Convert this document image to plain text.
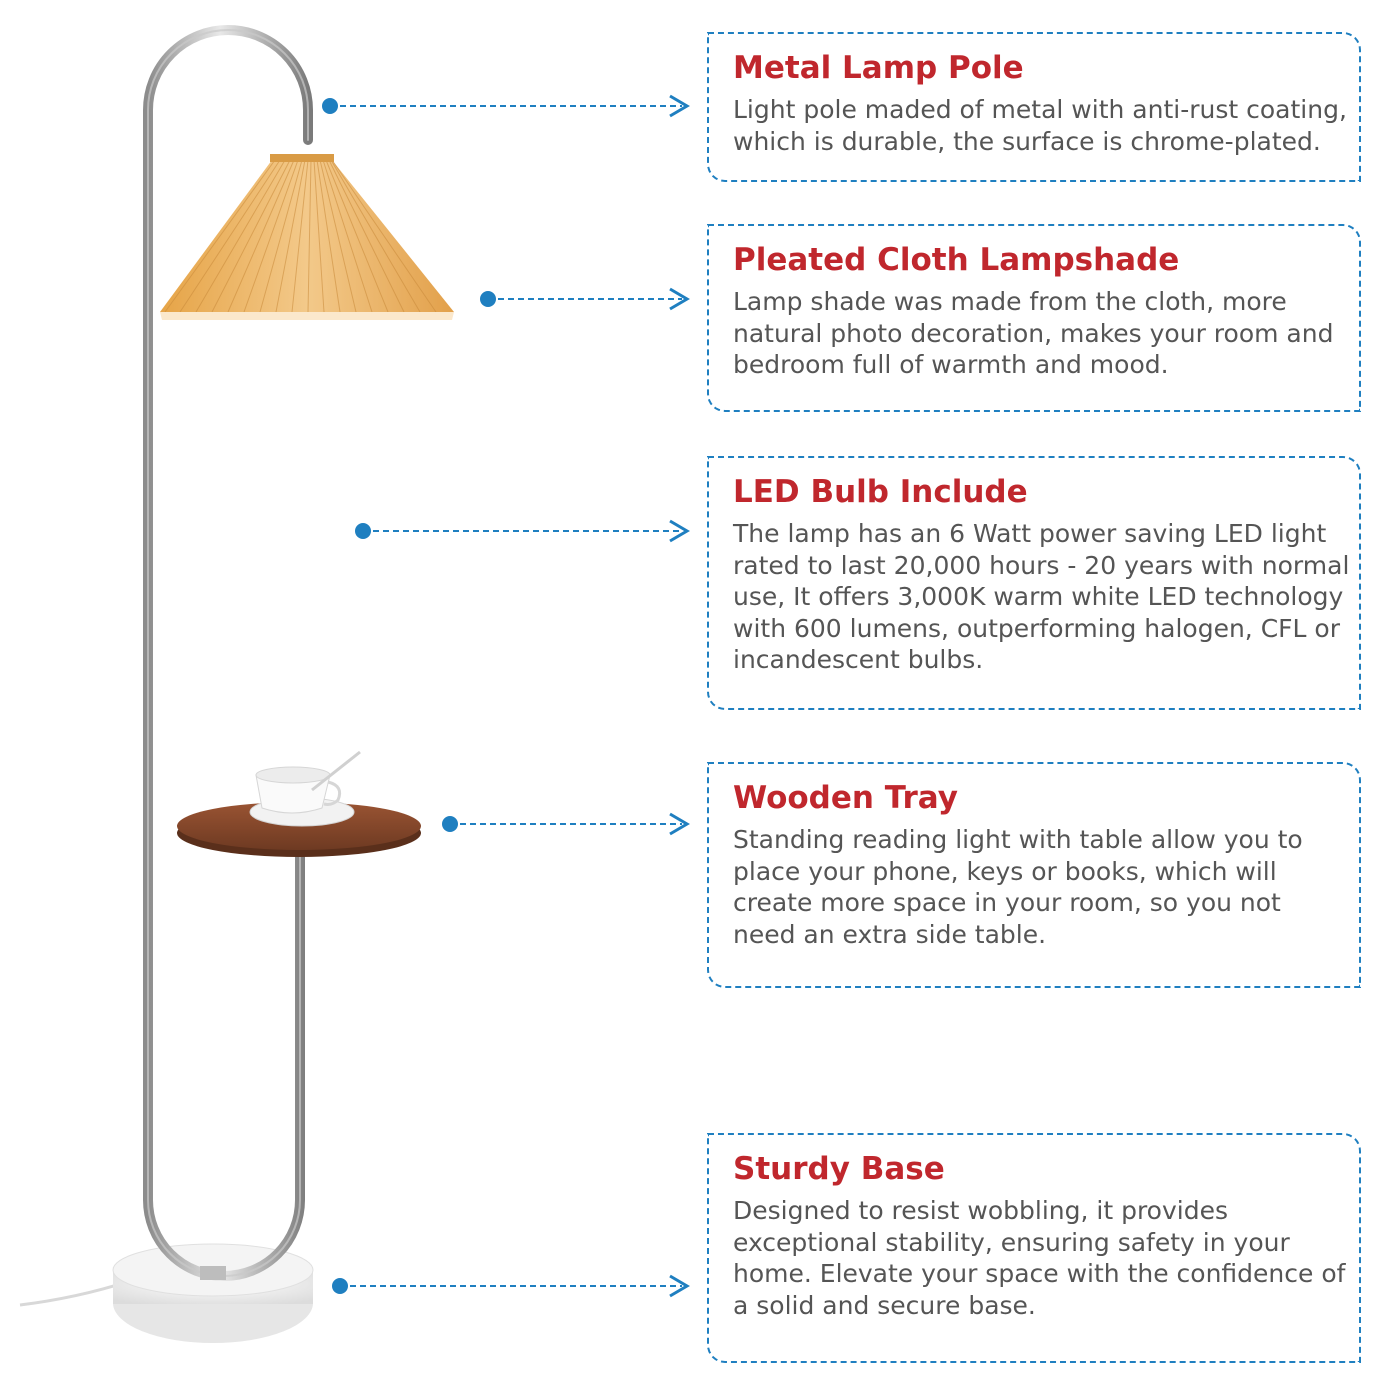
Metal Lamp Pole
Light pole maded of metal with anti-rust coating, which is durable, the surface is chrome-plated.
Pleated Cloth Lampshade
Lamp shade was made from the cloth, more natural photo decoration, makes your room and bedroom full of warmth and mood.
LED Bulb Include
The lamp has an 6 Watt power saving LED light rated to last 20,000 hours - 20 years with normal use, It offers 3,000K warm white LED technology with 600 lumens, outperforming halogen, CFL or incandescent bulbs.
Wooden Tray
Standing reading light with table allow you to place your phone, keys or books, which will create more space in your room, so you not need an extra side table.
Sturdy Base
Designed to resist wobbling, it provides exceptional stability, ensuring safety in your home. Elevate your space with the confidence of a solid and secure base.
